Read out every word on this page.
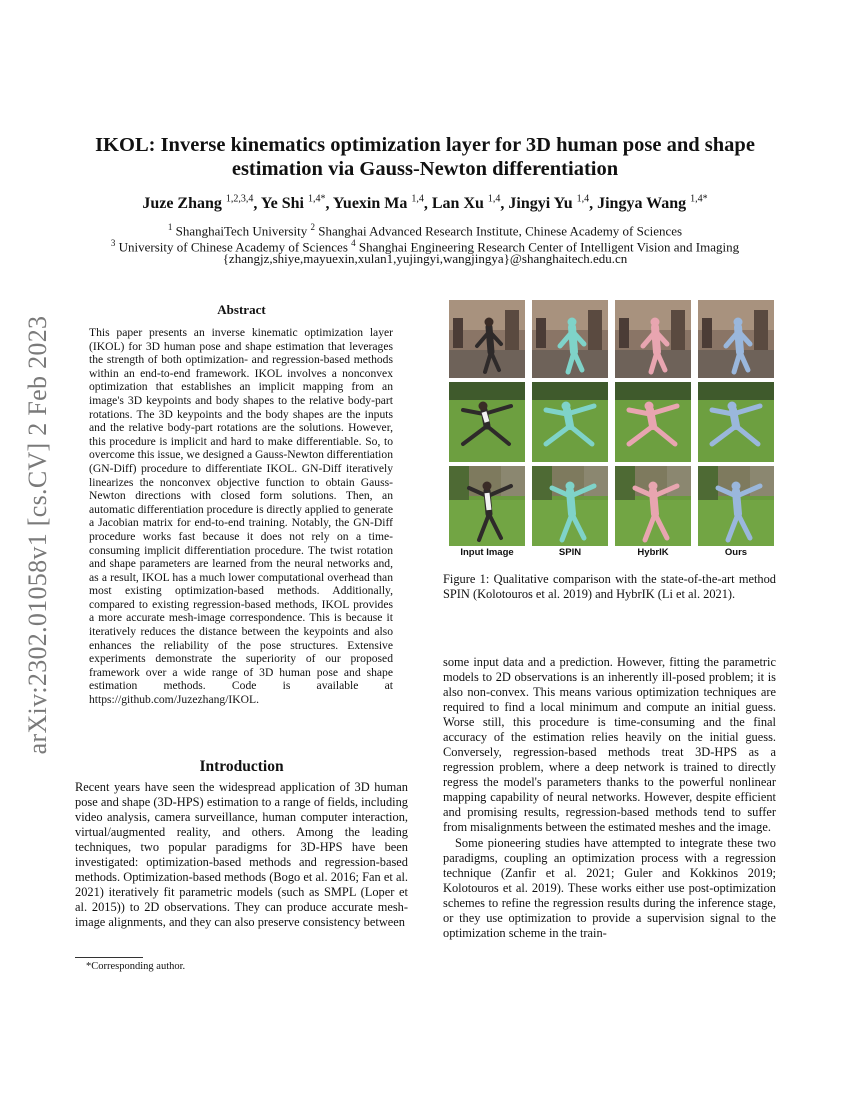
arXiv:2302.01058v1 [cs.CV] 2 Feb 2023
IKOL: Inverse kinematics optimization layer for 3D human pose and shape estimation via Gauss-Newton differentiation
Juze Zhang $^{1,2,3,4}$, Ye Shi $^{1,4*}$, Yuexin Ma $^{1,4}$, Lan Xu $^{1,4}$, Jingyi Yu $^{1,4}$, Jingya Wang $^{1,4*}$
$^1$ ShanghaiTech University $^2$ Shanghai Advanced Research Institute, Chinese Academy of Sciences
$^3$ University of Chinese Academy of Sciences $^4$ Shanghai Engineering Research Center of Intelligent Vision and Imaging
{zhangjz,shiye,mayuexin,xulan1,yujingyi,wangjingya}@shanghaitech.edu.cn
Abstract
This paper presents an inverse kinematic optimization layer (IKOL) for 3D human pose and shape estimation that leverages the strength of both optimization- and regression-based methods within an end-to-end framework. IKOL involves a nonconvex optimization that establishes an implicit mapping from an image's 3D keypoints and body shapes to the relative body-part rotations. The 3D keypoints and the body shapes are the inputs and the relative body-part rotations are the solutions. However, this procedure is implicit and hard to make differentiable. So, to overcome this issue, we designed a Gauss-Newton differentiation (GN-Diff) procedure to differentiate IKOL. GN-Diff iteratively linearizes the nonconvex objective function to obtain Gauss-Newton directions with closed form solutions. Then, an automatic differentiation procedure is directly applied to generate a Jacobian matrix for end-to-end training. Notably, the GN-Diff procedure works fast because it does not rely on a time-consuming implicit differentiation procedure. The twist rotation and shape parameters are learned from the neural networks and, as a result, IKOL has a much lower computational overhead than most existing optimization-based methods. Additionally, compared to existing regression-based methods, IKOL provides a more accurate mesh-image correspondence. This is because it iteratively reduces the distance between the keypoints and also enhances the reliability of the pose structures. Extensive experiments demonstrate the superiority of our proposed framework over a wide range of 3D human pose and shape estimation methods. Code is available at https://github.com/Juzezhang/IKOL.
Introduction
Recent years have seen the widespread application of 3D human pose and shape (3D-HPS) estimation to a range of fields, including video analysis, camera surveillance, human computer interaction, virtual/augmented reality, and others. Among the leading techniques, two popular paradigms for 3D-HPS have been investigated: optimization-based methods and regression-based methods. Optimization-based methods (Bogo et al. 2016; Fan et al. 2021) iteratively fit parametric models (such as SMPL (Loper et al. 2015)) to 2D observations. They can produce accurate mesh-image alignments, and they can also preserve consistency between
*Corresponding author.
Input Image	SPIN	HybrIK	Ours
Figure 1: Qualitative comparison with the state-of-the-art method SPIN (Kolotouros et al. 2019) and HybrIK (Li et al. 2021).

some input data and a prediction. However, fitting the parametric models to 2D observations is an inherently ill-posed problem; it is also non-convex. This means various optimization techniques are required to find a local minimum and compute an initial guess. Worse still, this procedure is time-consuming and the final accuracy of the estimation relies heavily on the initial guess. Conversely, regression-based methods treat 3D-HPS as a regression problem, where a deep network is trained to directly regress the model's parameters thanks to the powerful nonlinear mapping capability of neural networks. However, despite efficient and promising results, regression-based methods tend to suffer from misalignments between the estimated meshes and the image.

Some pioneering studies have attempted to integrate these two paradigms, coupling an optimization process with a regression technique (Zanfir et al. 2021; Guler and Kokkinos 2019; Kolotouros et al. 2019). These works either use post-optimization schemes to refine the regression results during the inference stage, or they use optimization to provide a supervision signal to the optimization scheme in the train-
